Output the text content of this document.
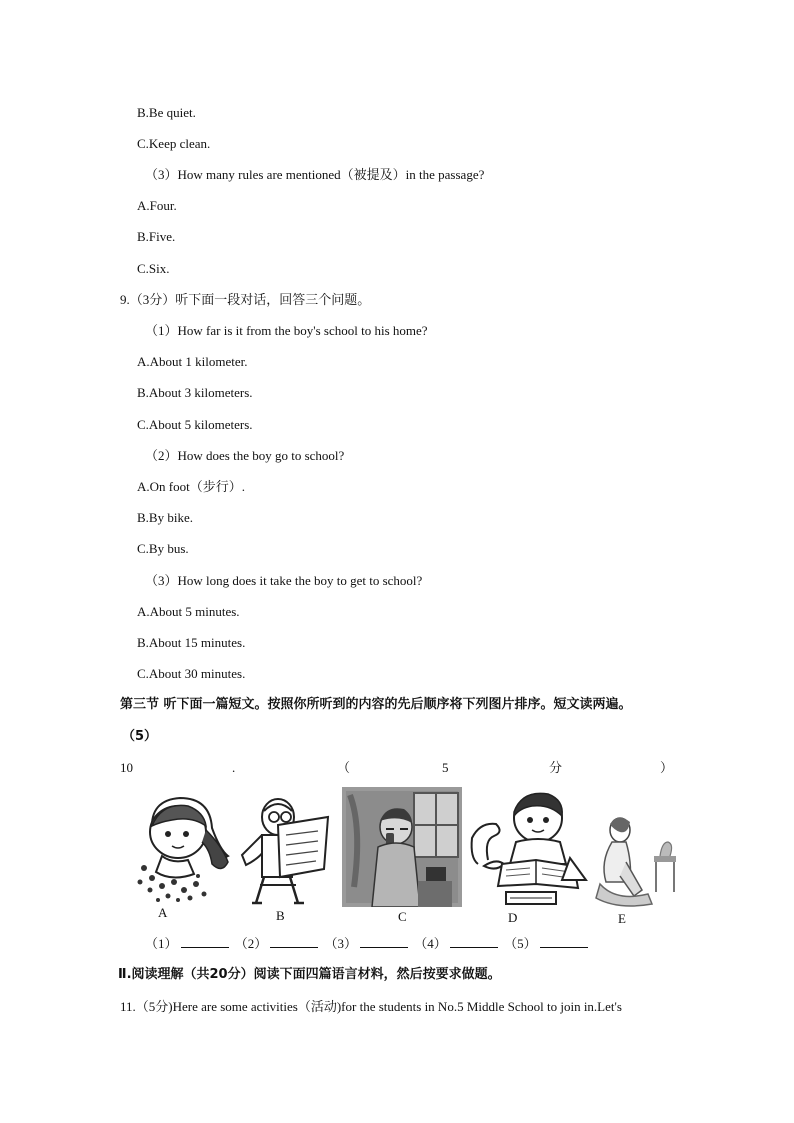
B.Be quiet.
C.Keep clean.
（3）How many rules are mentioned（被提及）in the passage?
A.Four.
B.Five.
C.Six.
9.（3分）听下面一段对话，回答三个问题。
（1）How far is it from the boy's school to his home?
A.About 1 kilometer.
B.About 3 kilometers.
C.About 5 kilometers.
（2）How does the boy go to school?
A.On foot（步行）.
B.By bike.
C.By bus.
（3）How long does it take the boy to get to school?
A.About 5 minutes.
B.About 15 minutes.
C.About 30 minutes.
第三节 听下面一篇短文。按照你所听到的内容的先后顺序将下列图片排序。短文读两遍。
（5）
10	.	（	5	分	）
A	B	C	D	E
（1）	（2）	（3）	（4）	（5）
Ⅱ.阅读理解（共20分）阅读下面四篇语言材料，然后按要求做题。
11.（5分)Here are some activities（活动)for the students in No.5 Middle School to join in.Let's
